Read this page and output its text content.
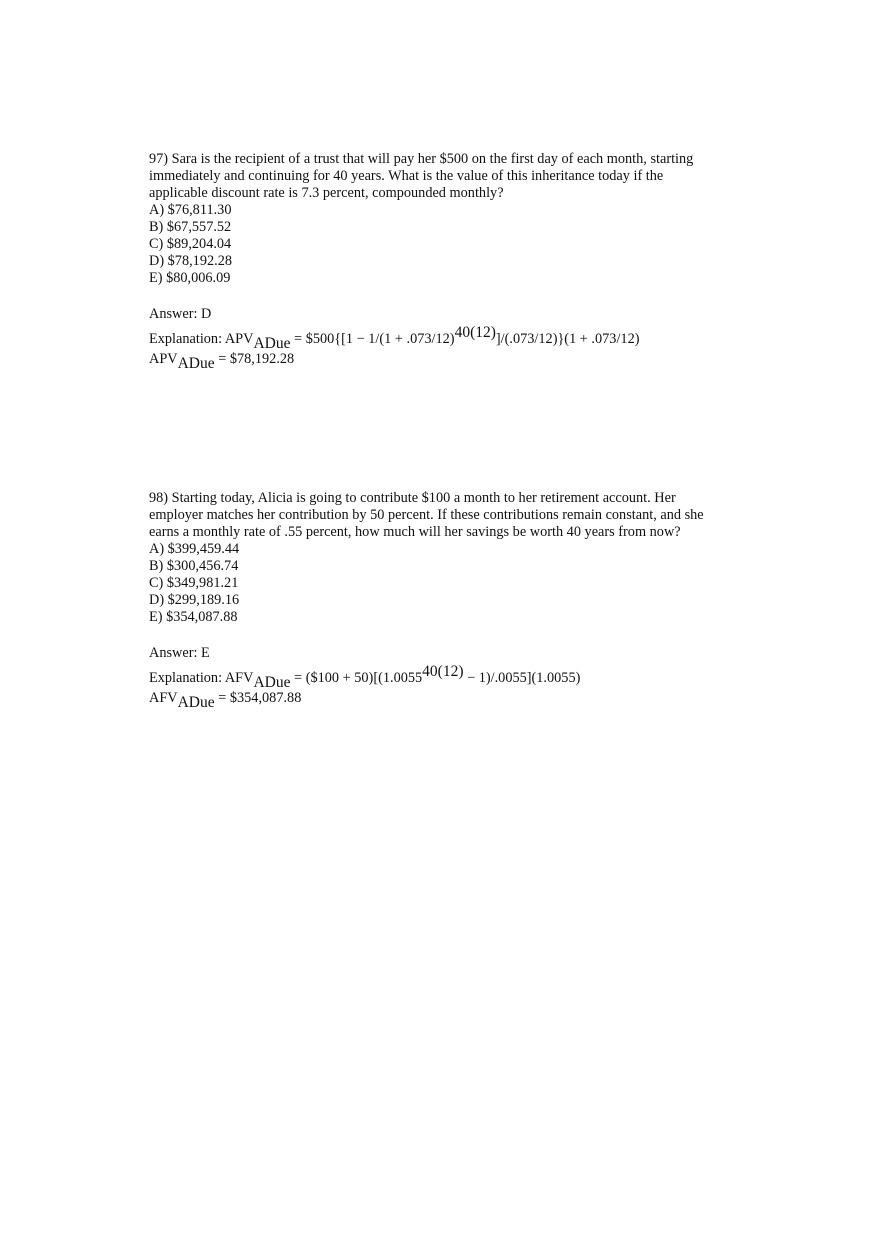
97) Sara is the recipient of a trust that will pay her $500 on the first day of each month, starting
immediately and continuing for 40 years. What is the value of this inheritance today if the
applicable discount rate is 7.3 percent, compounded monthly?
A) $76,811.30
B) $67,557.52
C) $89,204.04
D) $78,192.28
E) $80,006.09
Answer: D
Explanation: APVADue = $500{[1 − 1/(1 + .073/12)40(12)]/(.073/12)}(1 + .073/12)
APVADue = $78,192.28
98) Starting today, Alicia is going to contribute $100 a month to her retirement account. Her
employer matches her contribution by 50 percent. If these contributions remain constant, and she
earns a monthly rate of .55 percent, how much will her savings be worth 40 years from now?
A) $399,459.44
B) $300,456.74
C) $349,981.21
D) $299,189.16
E) $354,087.88
Answer: E
Explanation: AFVADue = ($100 + 50)[(1.005540(12) − 1)/.0055](1.0055)
AFVADue = $354,087.88
